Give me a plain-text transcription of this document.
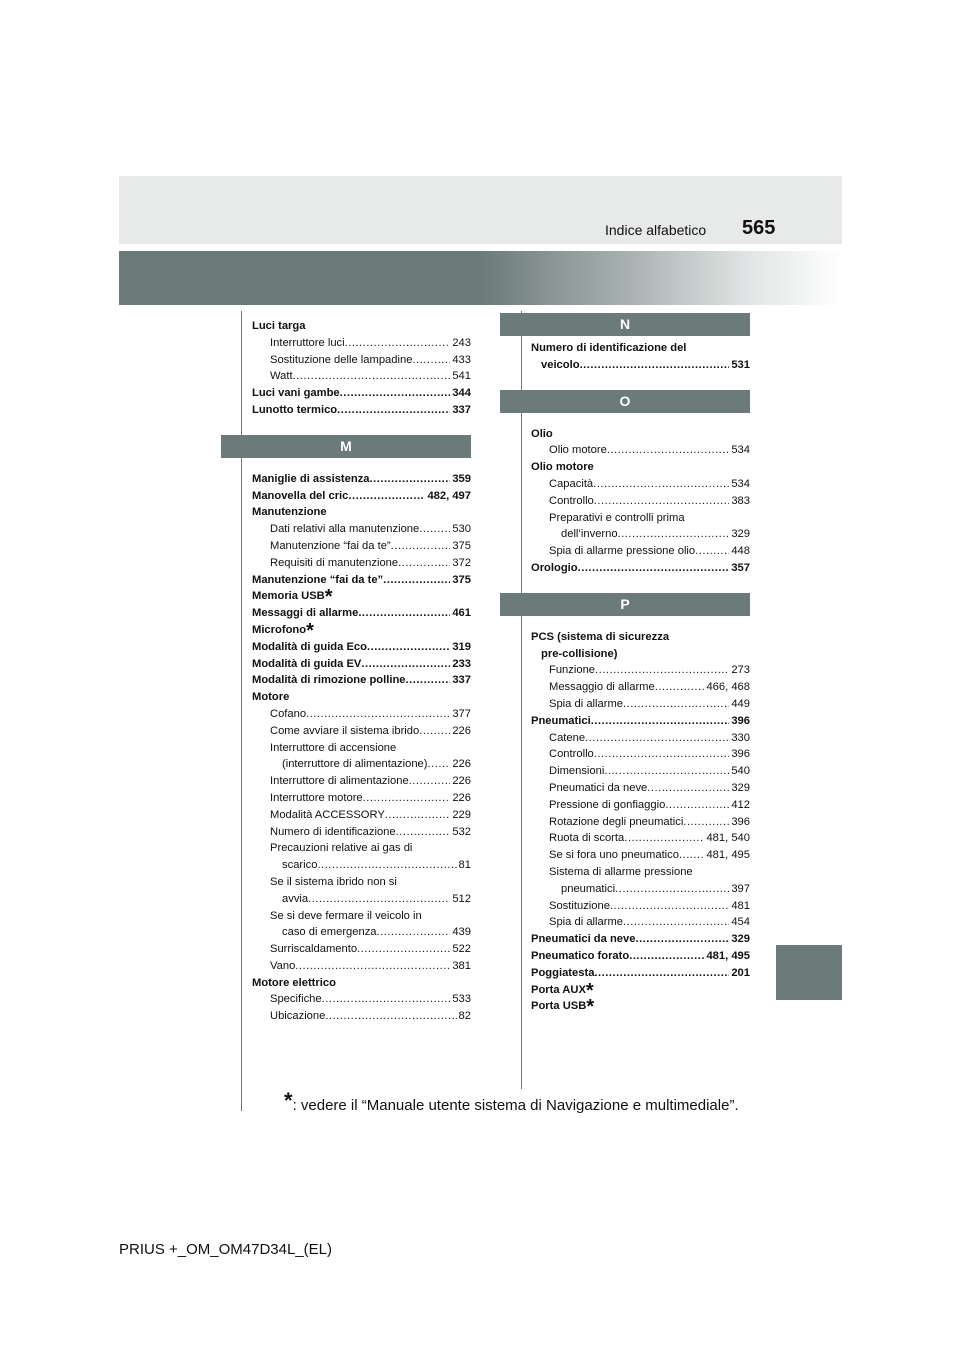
Indice alfabetico 565
Luci targa
Interruttore luci .....	243
Sostituzione delle lampadine .....	433
Watt .....	541
Luci vani gambe .....	344
Lunotto termico .....	337
M
Maniglie di assistenza .....	359
Manovella del cric .....	482, 497
Manutenzione
Dati relativi alla manutenzione .....	530
Manutenzione “fai da te” .....	375
Requisiti di manutenzione .....	372
Manutenzione “fai da te” .....	375
Memoria USB*
Messaggi di allarme .....	461
Microfono*
Modalità di guida Eco .....	319
Modalità di guida EV .....	233
Modalità di rimozione polline .....	337
Motore
Cofano .....	377
Come avviare il sistema ibrido .....	226
Interruttore di accensione
(interruttore di alimentazione) ..... 226
Interruttore di alimentazione .....	226
Interruttore motore .....	226
Modalità ACCESSORY .....	229
Numero di identificazione .....	532
Precauzioni relative ai gas di
scarico .....	81
Se il sistema ibrido non si
avvia .....	512
Se si deve fermare il veicolo in
caso di emergenza .....	439
Surriscaldamento .....	522
Vano .....	381
Motore elettrico
Specifiche .....	533
Ubicazione .....	82
N
Numero di identificazione del
veicolo .....	531
O
Olio
Olio motore .....	534
Olio motore
Capacità .....	534
Controllo .....	383
Preparativi e controlli prima
dell’inverno .....	329
Spia di allarme pressione olio .....	448
Orologio .....	357
P
PCS (sistema di sicurezza
pre-collisione)
Funzione .....	273
Messaggio di allarme .....	466, 468
Spia di allarme .....	449
Pneumatici .....	396
Catene .....	330
Controllo .....	396
Dimensioni .....	540
Pneumatici da neve .....	329
Pressione di gonfiaggio .....	412
Rotazione degli pneumatici .....	396
Ruota di scorta .....	481, 540
Se si fora uno pneumatico ..... 481, 495
Sistema di allarme pressione
pneumatici .....	397
Sostituzione .....	481
Spia di allarme .....	454
Pneumatici da neve .....	329
Pneumatico forato .....	481, 495
Poggiatesta .....	201
Porta AUX*
Porta USB*
*: vedere il “Manuale utente sistema di Navigazione e multimediale”.
PRIUS +_OM_OM47D34L_(EL)
